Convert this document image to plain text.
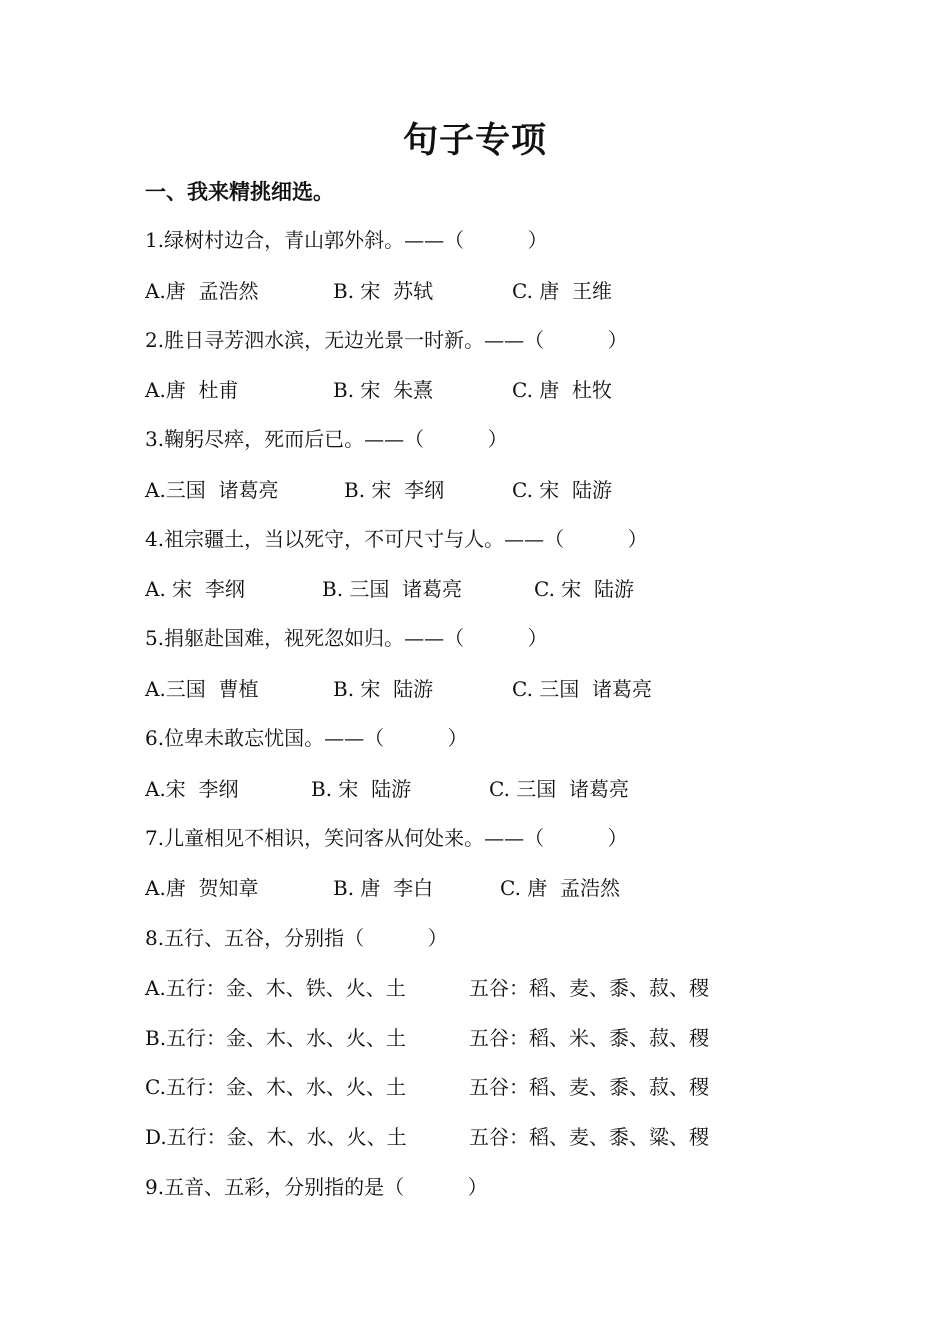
句子专项
一、我来精挑细选。
1.绿树村边合，青山郭外斜。——（          ）
A.唐  孟浩然	B. 宋  苏轼	C. 唐  王维
2.胜日寻芳泗水滨，无边光景一时新。——（          ）
A.唐  杜甫	B. 宋  朱熹	C. 唐  杜牧
3.鞠躬尽瘁，死而后已。——（          ）
A.三国  诸葛亮	B. 宋  李纲	C. 宋  陆游
4.祖宗疆土，当以死守，不可尺寸与人。——（          ）
A. 宋  李纲	B. 三国  诸葛亮	C. 宋  陆游
5.捐躯赴国难，视死忽如归。——（          ）
A.三国  曹植	B. 宋  陆游	C. 三国  诸葛亮
6.位卑未敢忘忧国。——（          ）
A.宋  李纲	B. 宋  陆游	C. 三国  诸葛亮
7.儿童相见不相识，笑问客从何处来。——（          ）
A.唐  贺知章	B. 唐  李白	C. 唐  孟浩然
8.五行、五谷，分别指（          ）
A.五行：金、木、铁、火、土	五谷：稻、麦、黍、菽、稷
B.五行：金、木、水、火、土	五谷：稻、米、黍、菽、稷
C.五行：金、木、水、火、土	五谷：稻、麦、黍、菽、稷
D.五行：金、木、水、火、土	五谷：稻、麦、黍、粱、稷
9.五音、五彩，分别指的是（          ）
